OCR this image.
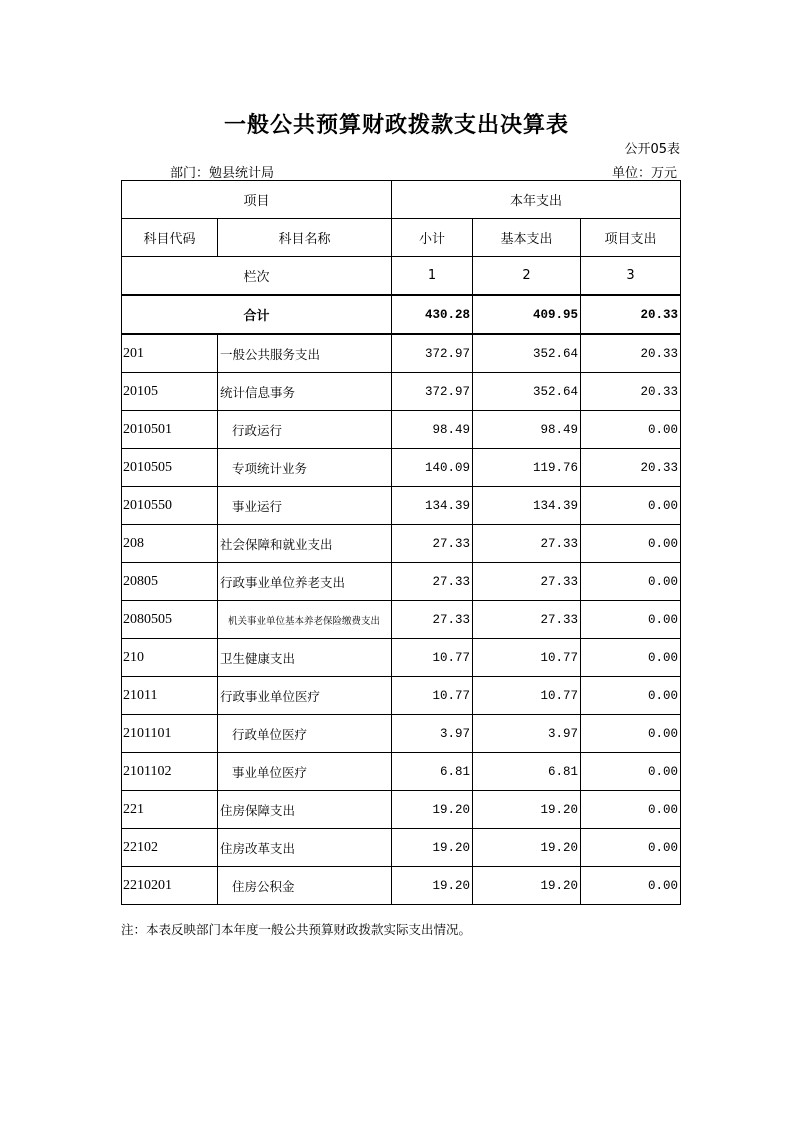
一般公共预算财政拨款支出决算表
公开05表
部门：勉县统计局	单位：万元
项目		本年支出		
科目代码	科目名称	小计	基本支出	项目支出
栏次		1	2	3
合计		430.28	409.95	20.33
201	一般公共服务支出	372.97	352.64	20.33
20105	统计信息事务	372.97	352.64	20.33
2010501	行政运行	98.49	98.49	0.00
2010505	专项统计业务	140.09	119.76	20.33
2010550	事业运行	134.39	134.39	0.00
208	社会保障和就业支出	27.33	27.33	0.00
20805	行政事业单位养老支出	27.33	27.33	0.00
2080505	机关事业单位基本养老保险缴费支出	27.33	27.33	0.00
210	卫生健康支出	10.77	10.77	0.00
21011	行政事业单位医疗	10.77	10.77	0.00
2101101	行政单位医疗	3.97	3.97	0.00
2101102	事业单位医疗	6.81	6.81	0.00
221	住房保障支出	19.20	19.20	0.00
22102	住房改革支出	19.20	19.20	0.00
2210201	住房公积金	19.20	19.20	0.00
注：本表反映部门本年度一般公共预算财政拨款实际支出情况。
